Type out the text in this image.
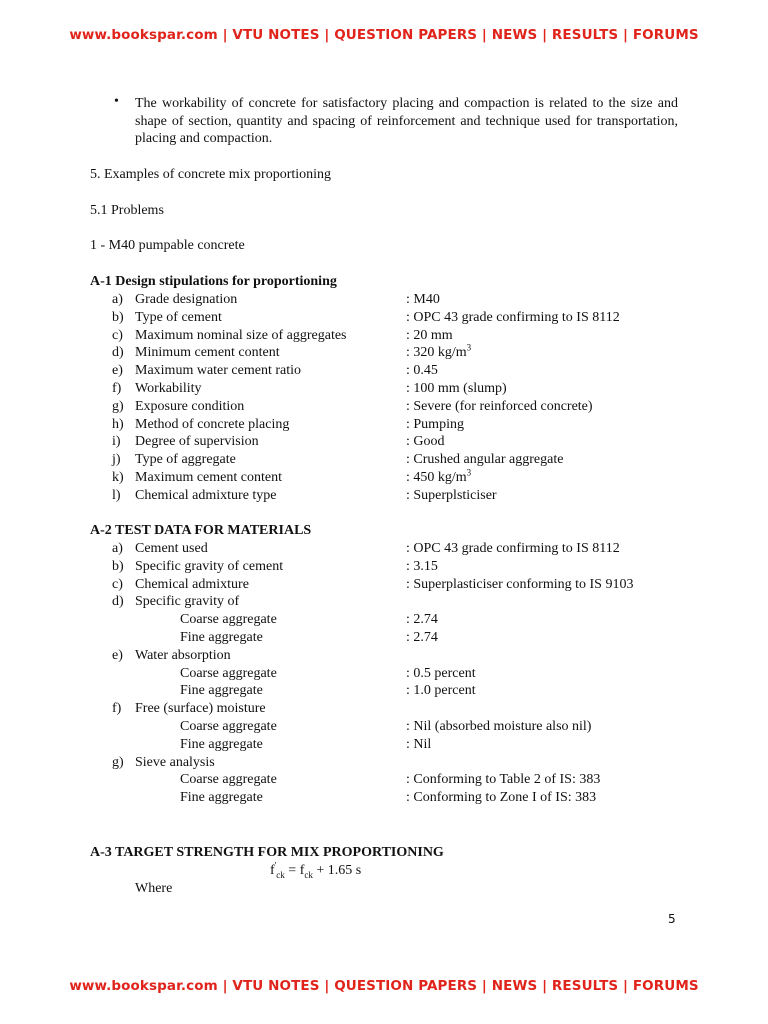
www.bookspar.com | VTU NOTES | QUESTION PAPERS | NEWS | RESULTS | FORUMS
• The workability of concrete for satisfactory placing and compaction is related to the size and shape of section, quantity and spacing of reinforcement and technique used for transportation, placing and compaction.
5. Examples of concrete mix proportioning
5.1 Problems
1 - M40 pumpable concrete
A-1 Design stipulations for proportioning
a) Grade designation	: M40
b) Type of cement	: OPC 43 grade confirming to IS 8112
c) Maximum nominal size of aggregates	: 20 mm
d) Minimum cement content	: 320 $kg/m^3$
e) Maximum water cement ratio	: 0.45
f) Workability	: 100 mm (slump)
g) Exposure condition	: Severe (for reinforced concrete)
h) Method of concrete placing	: Pumping
i) Degree of supervision	: Good
j) Type of aggregate	: Crushed angular aggregate
k) Maximum cement content	: 450 $kg/m^3$
l) Chemical admixture type	: Superplsticiser
A-2 TEST DATA FOR MATERIALS
a) Cement used	: OPC 43 grade confirming to IS 8112
b) Specific gravity of cement	: 3.15
c) Chemical admixture	: Superplasticiser conforming to IS 9103
d) Specific gravity of
Coarse aggregate	: 2.74
Fine aggregate	: 2.74
e) Water absorption
Coarse aggregate	: 0.5 percent
Fine aggregate	: 1.0 percent
f) Free (surface) moisture
Coarse aggregate	: Nil (absorbed moisture also nil)
Fine aggregate	: Nil
g) Sieve analysis
Coarse aggregate	: Conforming to Table 2 of IS: 383
Fine aggregate	: Conforming to Zone I of IS: 383
A-3 TARGET STRENGTH FOR MIX PROPORTIONING
$f'_{ck} = f_{ck} + 1.65$ s
Where
5
www.bookspar.com | VTU NOTES | QUESTION PAPERS | NEWS | RESULTS | FORUMS
